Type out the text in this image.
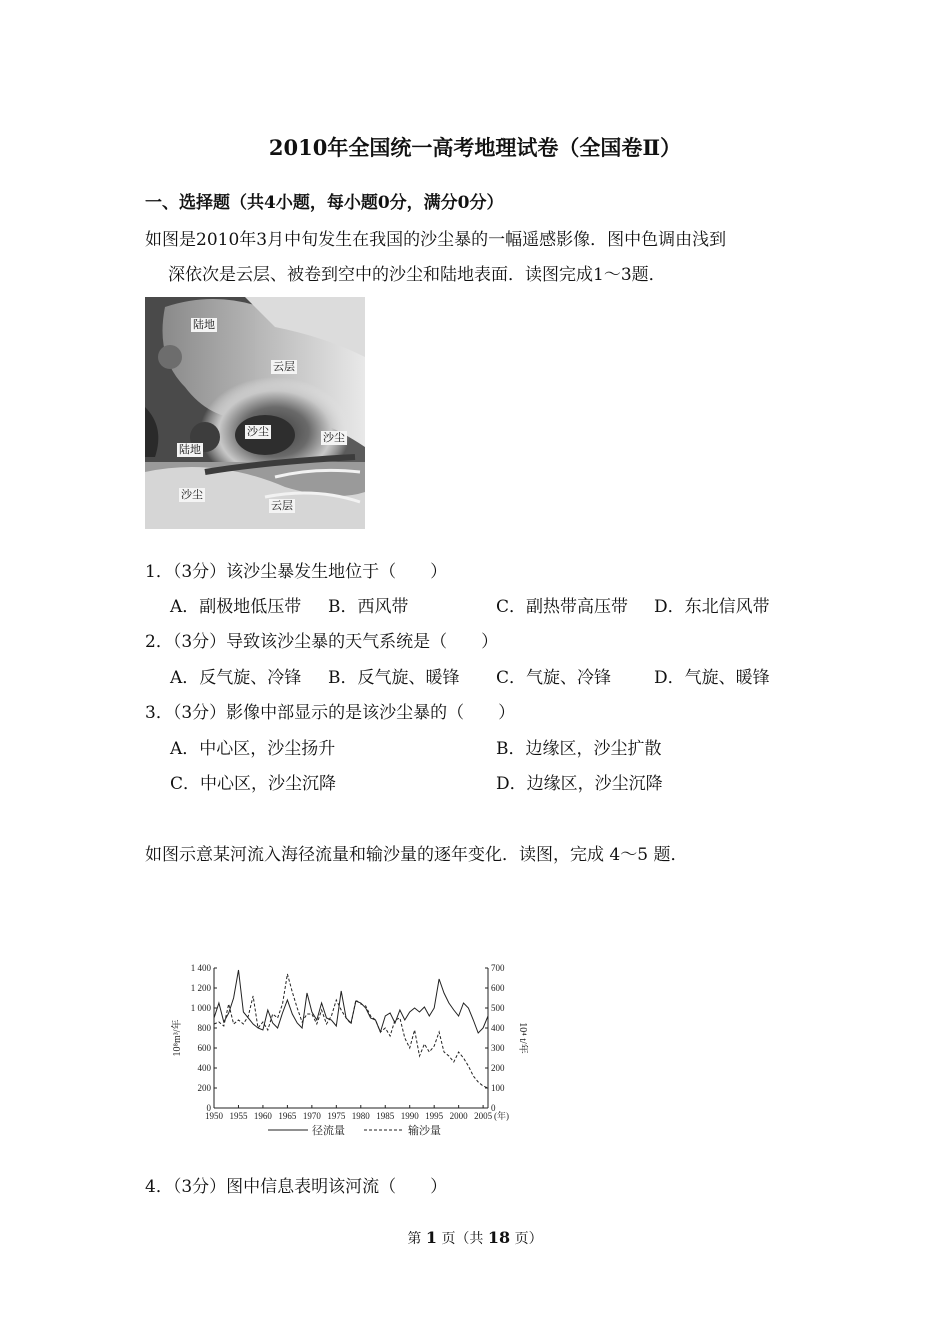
2010年全国统一高考地理试卷（全国卷Ⅱ）
一、选择题（共4小题，每小题0分，满分0分）
如图是2010年3月中旬发生在我国的沙尘暴的一幅遥感影像．图中色调由浅到
深依次是云层、被卷到空中的沙尘和陆地表面．读图完成1～3题．
陆地
云层
沙尘	沙尘
陆地
沙尘
云层
1．（3分）该沙尘暴发生地位于（　　）
A．副极地低压带 B．西风带	C．副热带高压带 D．东北信风带
2．（3分）导致该沙尘暴的天气系统是（　　）
A．反气旋、冷锋 B．反气旋、暖锋 C．气旋、冷锋	D．气旋、暖锋
3．（3分）影像中部显示的是该沙尘暴的（　　）
A．中心区，沙尘扬升	B．边缘区，沙尘扩散
C．中心区，沙尘沉降	D．边缘区，沙尘沉降
如图示意某河流入海径流量和输沙量的逐年变化．读图，完成 4～5 题．
0
200
400
600
800
1 000
1 200
1 400
0
100
200
300
400
500
600
700
1950 1955 1960 1965 1970 1975 1980 1985 1990 1995 2000 2005 (年)
10⁸m³/年	10⁴ t/年
径流量	输沙量
4．（3分）图中信息表明该河流（　　）
第 1 页（共 18 页）
